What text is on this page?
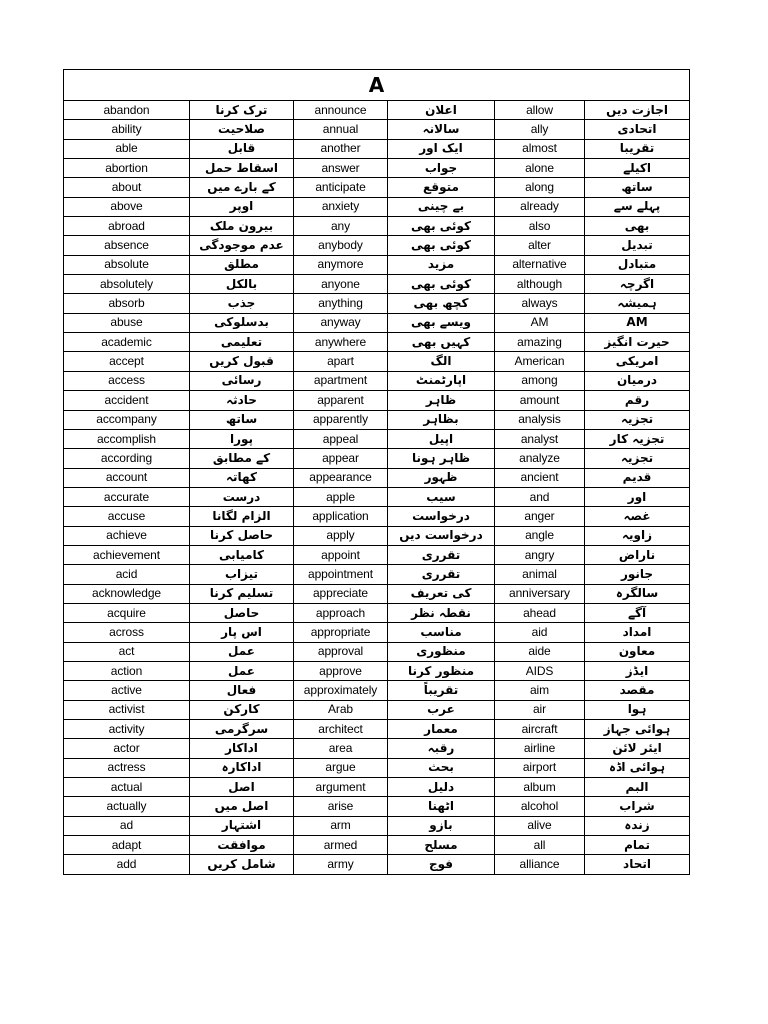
A					
abandon	ترک کرنا	announce	اعلان	allow	اجازت دیں
ability	صلاحیت	annual	سالانہ	ally	اتحادی
able	قابل	another	ایک اور	almost	تقریبا
abortion	اسقاط حمل	answer	جواب	alone	اکیلے
about	کے بارے میں	anticipate	متوقع	along	ساتھ
above	اوپر	anxiety	بے چینی	already	پہلے سے
abroad	بیرون ملک	any	کوئی بھی	also	بھی
absence	عدم موجودگی	anybody	کوئی بھی	alter	تبدیل
absolute	مطلق	anymore	مزید	alternative	متبادل
absolutely	بالکل	anyone	کوئی بھی	although	اگرچہ
absorb	جذب	anything	کچھ بھی	always	ہمیشہ
abuse	بدسلوکی	anyway	ویسے بھی	AM	AM
academic	تعلیمی	anywhere	کہیں بھی	amazing	حیرت انگیز
accept	قبول کریں	apart	الگ	American	امریکی
access	رسائی	apartment	اپارٹمنٹ	among	درمیان
accident	حادثہ	apparent	ظاہر	amount	رقم
accompany	ساتھ	apparently	بظاہر	analysis	تجزیہ
accomplish	پورا	appeal	اپیل	analyst	تجزیہ کار
according	کے مطابق	appear	ظاہر ہونا	analyze	تجزیہ
account	کھاتہ	appearance	ظہور	ancient	قدیم
accurate	درست	apple	سیب	and	اور
accuse	الزام لگانا	application	درخواست	anger	غصہ
achieve	حاصل کرنا	apply	درخواست دیں	angle	زاویہ
achievement	کامیابی	appoint	تقرری	angry	ناراض
acid	تیزاب	appointment	تقرری	animal	جانور
acknowledge	تسلیم کرنا	appreciate	کی تعریف	anniversary	سالگرہ
acquire	حاصل	approach	نقطہ نظر	ahead	آگے
across	اس پار	appropriate	مناسب	aid	امداد
act	عمل	approval	منظوری	aide	معاون
action	عمل	approve	منظور کرنا	AIDS	ایڈز
active	فعال	approximately	تقریباً	aim	مقصد
activist	کارکن	Arab	عرب	air	ہوا
activity	سرگرمی	architect	معمار	aircraft	ہوائی جہاز
actor	اداکار	area	رقبہ	airline	ایئر لائن
actress	اداکارہ	argue	بحث	airport	ہوائی اڈہ
actual	اصل	argument	دلیل	album	البم
actually	اصل میں	arise	اٹھنا	alcohol	شراب
ad	اشتہار	arm	بازو	alive	زندہ
adapt	موافقت	armed	مسلح	all	تمام
add	شامل کریں	army	فوج	alliance	اتحاد
